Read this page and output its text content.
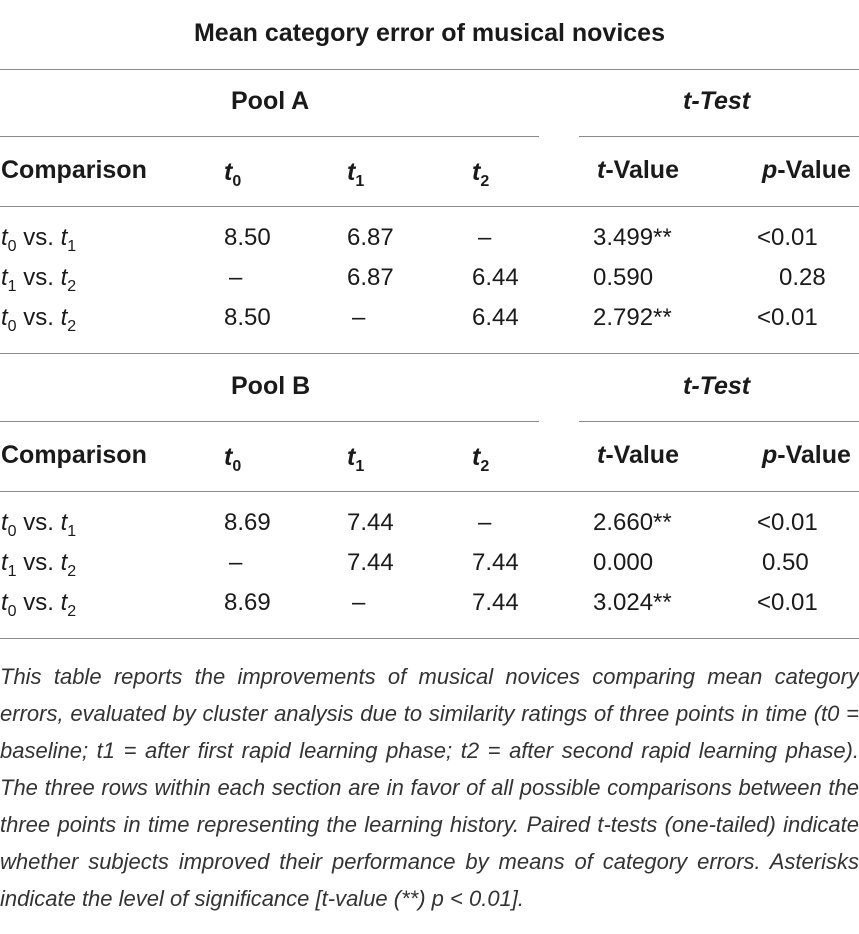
Mean category error of musical novices
Pool A	t-Test
Comparison	$t_0$	$t_1$	$t_2$	t-Value	p-Value
$t_0$ vs. $t_1$	8.50	6.87	–	3.499**	<0.01
$t_1$ vs. $t_2$	–	6.87	6.44	0.590	0.28
$t_0$ vs. $t_2$	8.50	–	6.44	2.792**	<0.01
Pool B	t-Test
Comparison	$t_0$	$t_1$	$t_2$	t-Value	p-Value
$t_0$ vs. $t_1$	8.69	7.44	–	2.660**	<0.01
$t_1$ vs. $t_2$	–	7.44	7.44	0.000	0.50
$t_0$ vs. $t_2$	8.69	–	7.44	3.024**	<0.01
This table reports the improvements of musical novices comparing mean category errors, evaluated by cluster analysis due to similarity ratings of three points in time (t0 = baseline; t1 = after first rapid learning phase; t2 = after second rapid learning phase). The three rows within each section are in favor of all possible comparisons between the three points in time representing the learning history. Paired t-tests (one-tailed) indicate whether subjects improved their performance by means of category errors. Asterisks indicate the level of significance [t-value (**) p < 0.01].
